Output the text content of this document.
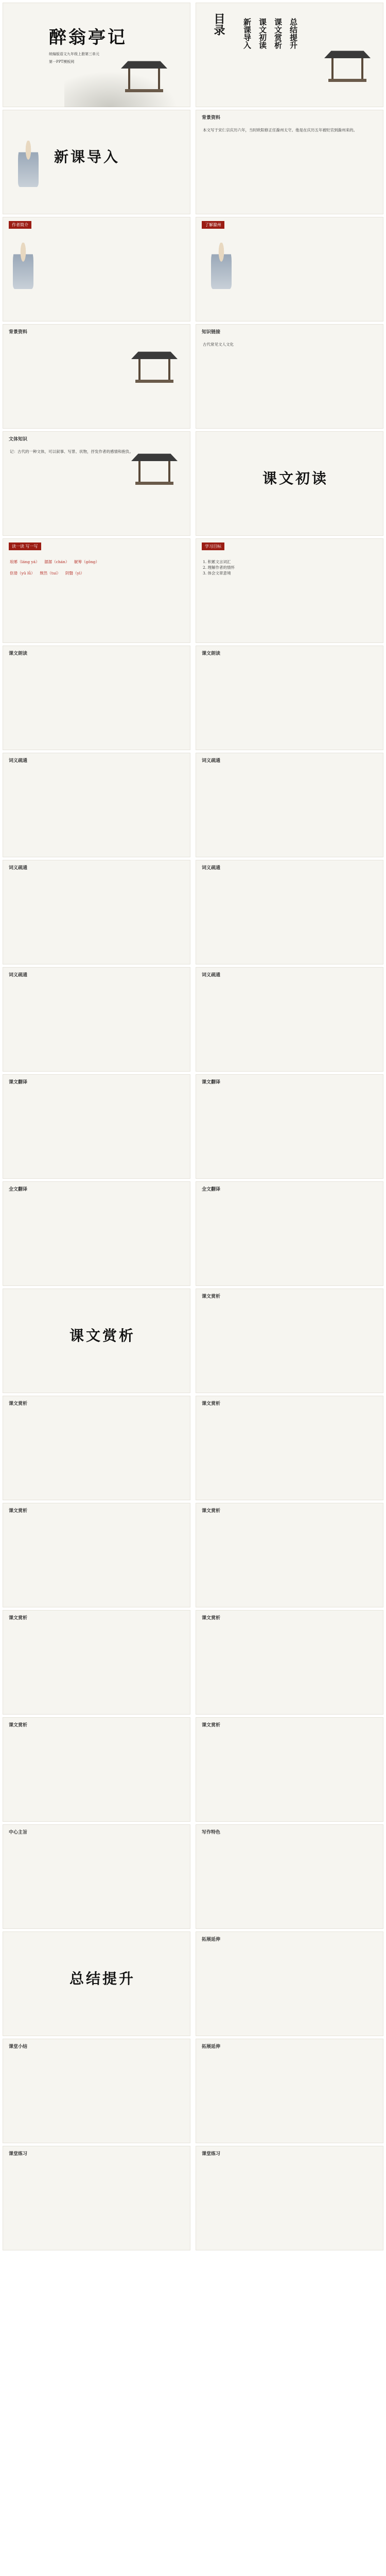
醉翁亭记
统编版语文九年级上册第三单元
第一PPT模板网
目录 新课导入 课文初读 课文赏析 总结提升
新课导入
背景资料
本文写于宋仁宗庆历六年，当时欧阳修正任滁州太守。他是在庆历五年被贬官到滁州来的。
作者简介	了解滁州
背景资料	知识链接
古代常见文人文化
文体知识
记：古代的一种文体，可以叙事、写景、状物，抒发作者的感情和抱负。
课文初读
读一读 写一写
琅琊（láng yá） 潺潺（chán） 觥筹（gōng）

伛偻（yǔ lǚ） 颓然（tuí） 阴翳（yì）
学习目标
1. 积累文言词汇
2. 理解作者的情怀
3. 体会文章意境
课文朗读	课文朗读
词义疏通	词义疏通
词义疏通	词义疏通
词义疏通	词义疏通
课文翻译	课文翻译
全文翻译	全文翻译
课文赏析
课文赏析
课文赏析	课文赏析
课文赏析	课文赏析
课文赏析	课文赏析
课文赏析	课文赏析
中心主旨	写作特色
总结提升
拓展延伸
课堂小结	拓展延伸
课堂练习	课堂练习
